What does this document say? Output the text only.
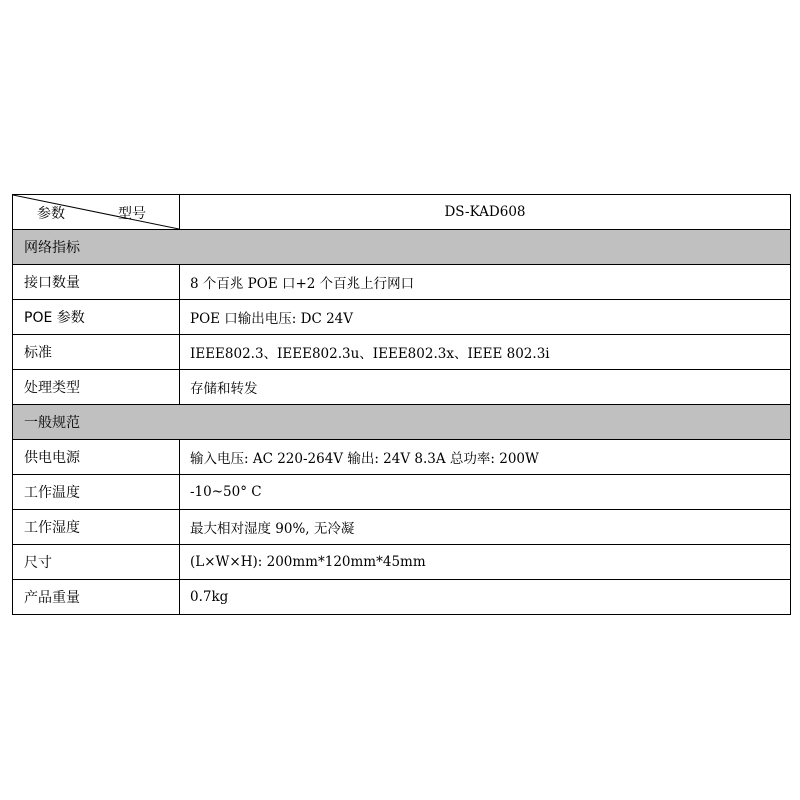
参数 型号	DS-KAD608
网络指标	
接口数量	8 个百兆 POE 口+2 个百兆上行网口
POE 参数	POE 口输出电压: DC 24V
标准	IEEE802.3、IEEE802.3u、IEEE802.3x、IEEE 802.3i
处理类型	存储和转发
一般规范	
供电电源	输入电压: AC 220-264V 输出: 24V 8.3A 总功率: 200W
工作温度	-10~50° C
工作湿度	最大相对湿度 90%, 无冷凝
尺寸	(L×W×H): 200mm*120mm*45mm
产品重量	0.7kg
